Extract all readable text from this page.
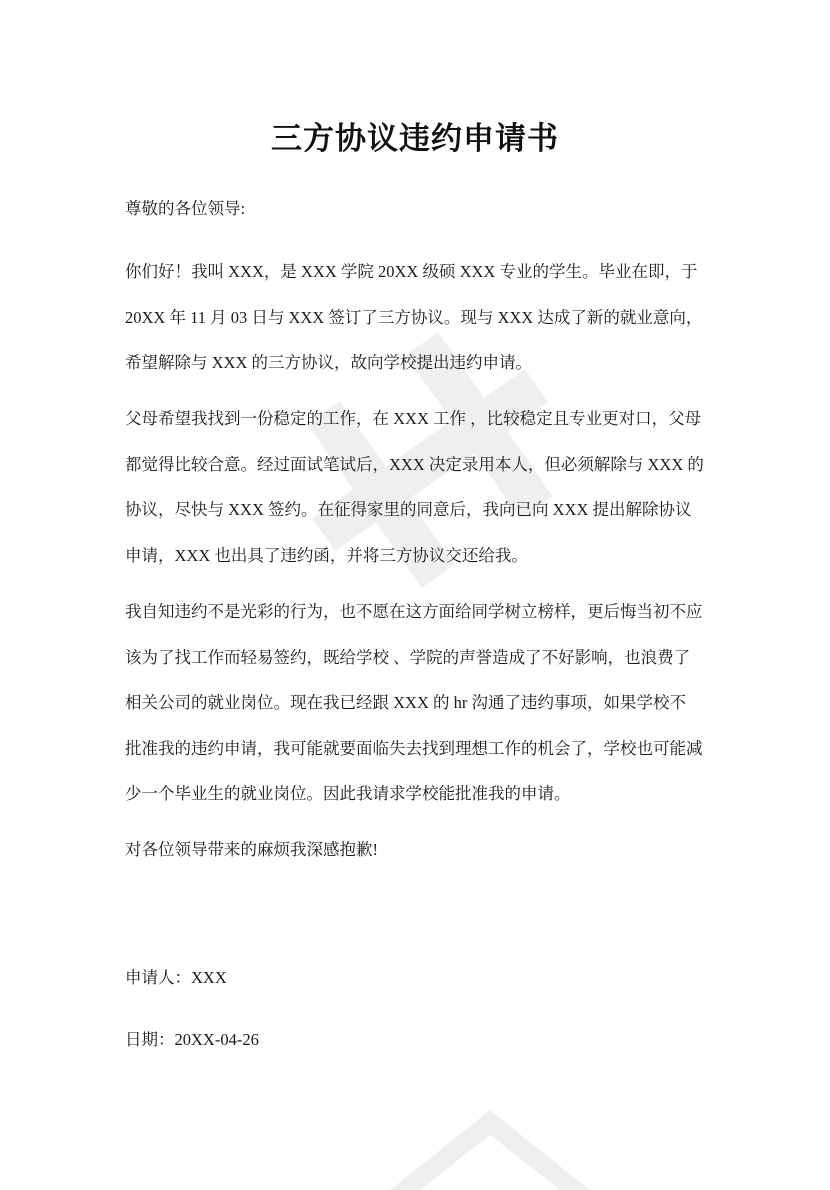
三方协议违约申请书

尊敬的各位领导:

你们好！我叫 XXX，是 XXX 学院 20XX 级硕 XXX 专业的学生。毕业在即，于
20XX 年 11 月 03 日与 XXX 签订了三方协议。现与 XXX 达成了新的就业意向，
希望解除与 XXX 的三方协议，故向学校提出违约申请。
父母希望我找到一份稳定的工作，在 XXX 工作 ，比较稳定且专业更对口，父母
都觉得比较合意。经过面试笔试后，XXX 决定录用本人，但必须解除与 XXX 的
协议，尽快与 XXX 签约。在征得家里的同意后，我向已向 XXX 提出解除协议
申请，XXX 也出具了违约函，并将三方协议交还给我。
我自知违约不是光彩的行为，也不愿在这方面给同学树立榜样，更后悔当初不应
该为了找工作而轻易签约，既给学校 、学院的声誉造成了不好影响，也浪费了
相关公司的就业岗位。现在我已经跟 XXX 的 hr 沟通了违约事项，如果学校不
批准我的违约申请，我可能就要面临失去找到理想工作的机会了，学校也可能减
少一个毕业生的就业岗位。因此我请求学校能批准我的申请。

对各位领导带来的麻烦我深感抱歉!

申请人：XXX

日期：20XX-04-26
